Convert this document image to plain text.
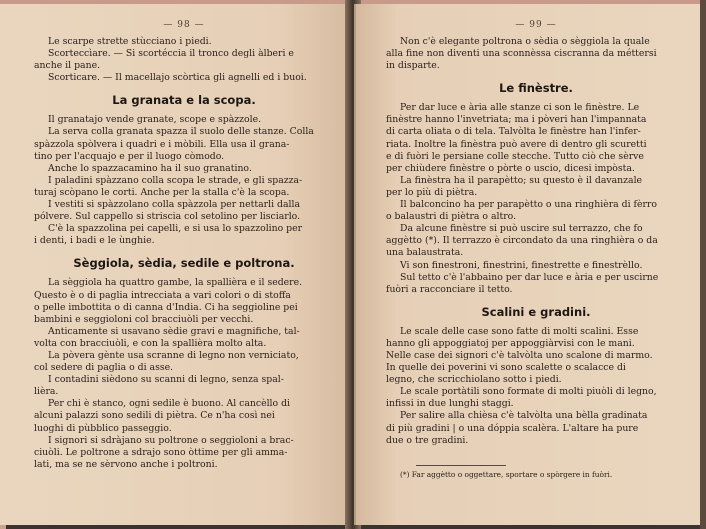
— 98 —
Le scarpe strette stùcciano i piedi.
Scorteccìare. — Si scortéccia il tronco degli àlberi e
anche il pane.
Scorticare. — Il macellajo scòrtica gli agnelli ed i buoi.
La granata e la scopa.
Il granatajo vende granate, scope e spàzzole.
La serva colla granata spazza il suolo delle stanze. Colla
spàzzola spòlvera i quadri e i mòbili. Ella usa il grana-
tino per l'acquajo e per il luogo còmodo.
Anche lo spazzacamino ha il suo granatino.
I paladini spàzzano colla scopa le strade, e gli spazza-
turaj scòpano le corti. Anche per la stalla c'è la scopa.
I vestiti si spàzzolano colla spàzzola per nettarli dalla
pólvere. Sul cappello si striscia col setolino per lisciarlo.
C'è la spazzolina pei capelli, e si usa lo spazzolino per
i denti, i badi e le ùnghie.
Sèggiola, sèdia, sedile e poltrona.
La sèggiola ha quattro gambe, la spallièra e il sedere.
Questo è o di paglia intrecciata a vari colori o di stoffa
o pelle imbottita o di canna d'India. Ci ha seggioline pei
bambini e seggioloni col bracciuòli per vecchi.
Anticamente si usavano sèdie gravi e magnifiche, tal-
volta con bracciuòli, e con la spallièra molto alta.
La pòvera gènte usa scranne di legno non verniciato,
col sedere di paglia o di asse.
I contadini sièdono su scanni di legno, senza spal-
lièra.
Per chi è stanco, ogni sedile è buono. Al cancèllo di
alcuni palazzi sono sedili di piètra. Ce n'ha così nei
luoghi di pùbblico passeggio.
I signori si sdràjano su poltrone o seggioloni a brac-
ciuòli. Le poltrone a sdrajo sono òttime per gli amma-
lati, ma se ne sèrvono anche i poltroni.
— 99 —
Non c'è elegante poltrona o sèdia o sèggiola la quale
alla fine non diventi una sconnèssa ciscranna da méttersi
in disparte.
Le finèstre.
Per dar luce e ària alle stanze ci son le finèstre. Le
finèstre hanno l'invetriata; ma i pòveri han l'impannata
di carta oliata o di tela. Talvòlta le finèstre han l'infer-
riata. Inoltre la finèstra può avere di dentro gli scuretti
e di fuòri le persiane colle stecche. Tutto ciò che sèrve
per chiùdere finèstre o pòrte o uscio, dicesi impòsta.
La finèstra ha il parapètto; su questo è il davanzale
per lo più di piètra.
Il balconcino ha per parapètto o una ringhièra di fèrro
o balaustri di piètra o altro.
Da alcune finèstre si può uscire sul terrazzo, che fo
aggètto (*). Il terrazzo è circondato da una ringhièra o da
una balaustrata.
Vi son finestroni, finestrini, finestrette e finestrèllo.
Sul tetto c'è l'abbaino per dar luce e ària e per uscirne
fuòri a racconciare il tetto.
Scalini e gradini.
Le scale delle case sono fatte di molti scalini. Esse
hanno gli appoggiatoj per appoggiàrvisi con le mani.
Nelle case dei signori c'è talvòlta uno scalone di marmo.
In quelle dei poverini vi sono scalette o scalacce di
legno, che scricchiolano sotto i piedi.
Le scale portàtili sono formate di molti piuòli di legno,
infissi in due lunghi staggi.
Per salire alla chièsa c'è talvòlta una bèlla gradinata
di più gradini | o una dóppia scalèra. L'altare ha pure
due o tre gradini.
(*) Far aggètto o oggettare, sportare o spòrgere in fuòri.
